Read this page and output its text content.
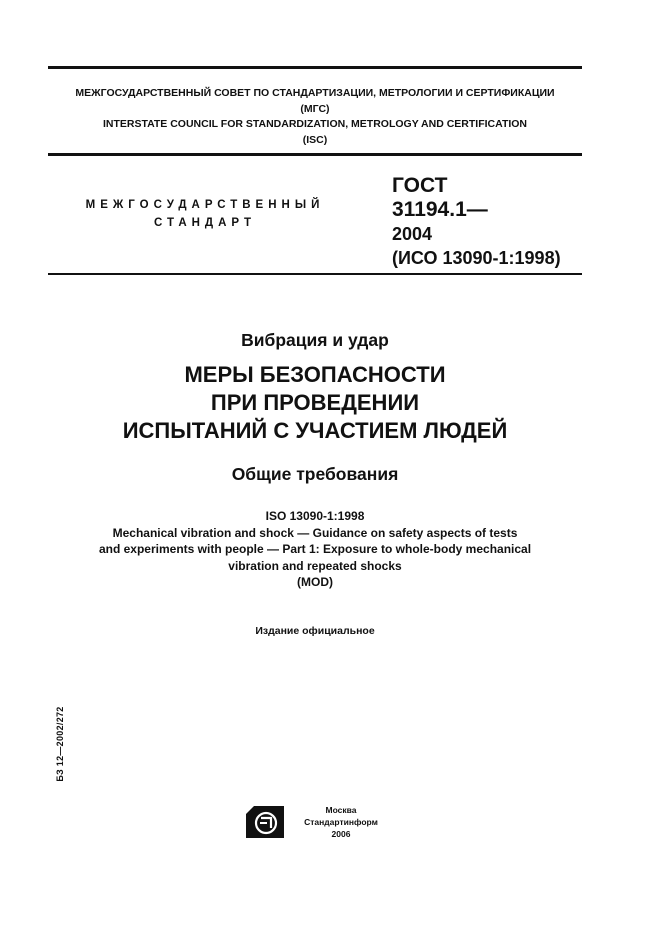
МЕЖГОСУДАРСТВЕННЫЙ СОВЕТ ПО СТАНДАРТИЗАЦИИ, МЕТРОЛОГИИ И СЕРТИФИКАЦИИ
(МГС)
INTERSTATE COUNCIL FOR STANDARDIZATION, METROLOGY AND CERTIFICATION
(ISC)
МЕЖГОСУДАРСТВЕННЫЙ
СТАНДАРТ
ГОСТ
31194.1—
2004
(ИСО 13090-1:1998)
Вибрация и удар
МЕРЫ БЕЗОПАСНОСТИ
ПРИ ПРОВЕДЕНИИ
ИСПЫТАНИЙ С УЧАСТИЕМ ЛЮДЕЙ
Общие требования
ISO 13090-1:1998
Mechanical vibration and shock — Guidance on safety aspects of tests
and experiments with people — Part 1: Exposure to whole-body mechanical
vibration and repeated shocks
(MOD)
Издание официальное
БЗ 12—2002/272
Москва
Стандартинформ
2006
